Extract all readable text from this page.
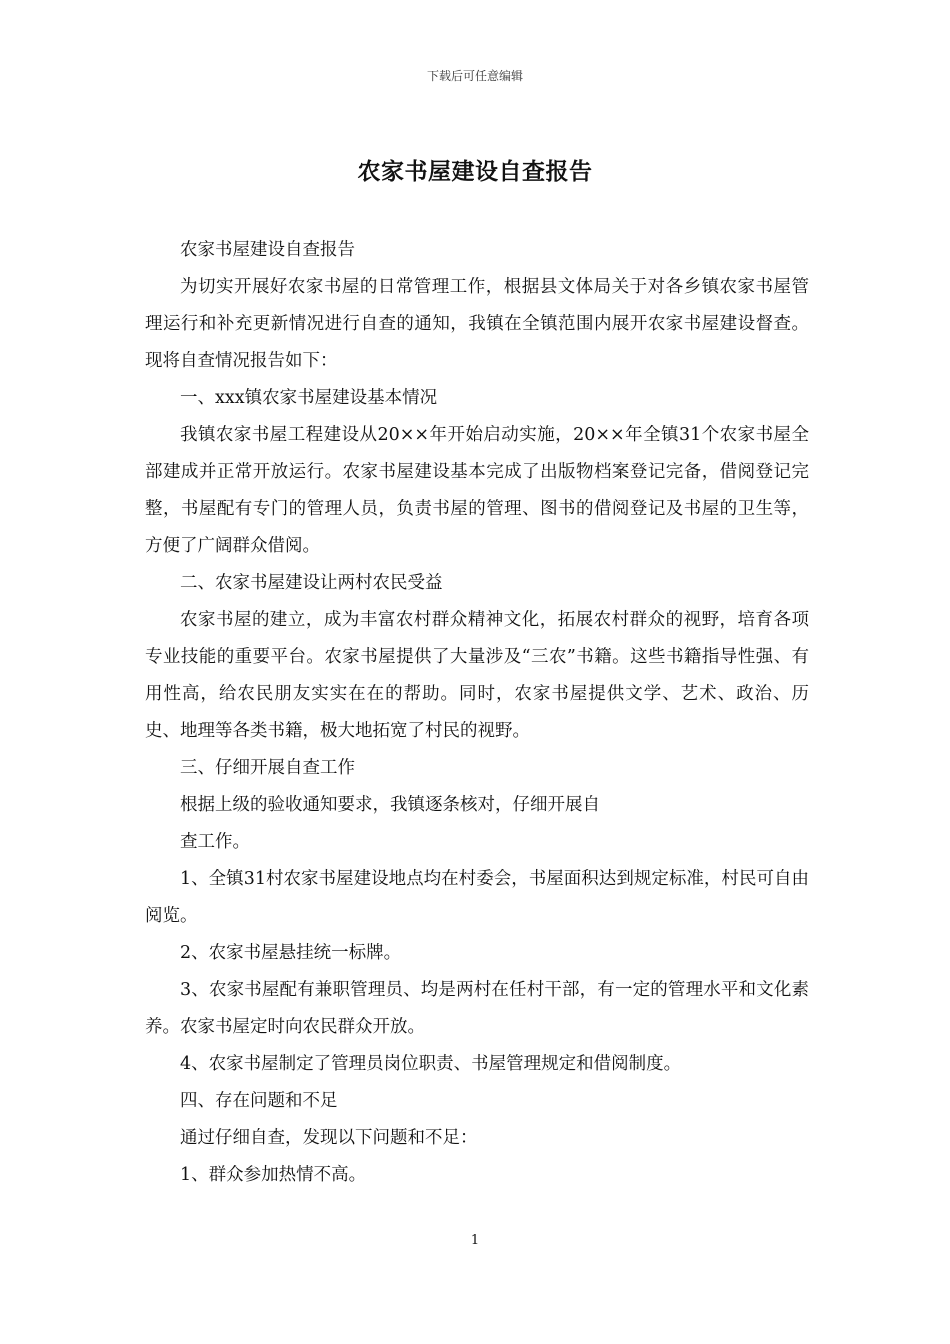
下载后可任意编辑
农家书屋建设自查报告

农家书屋建设自查报告

为切实开展好农家书屋的日常管理工作，根据县文体局关于对各乡镇农家书屋管理运行和补充更新情况进行自查的通知，我镇在全镇范围内展开农家书屋建设督查。现将自查情况报告如下：

一、xxx镇农家书屋建设基本情况

我镇农家书屋工程建设从20××年开始启动实施，20××年全镇31个农家书屋全部建成并正常开放运行。农家书屋建设基本完成了出版物档案登记完备，借阅登记完整，书屋配有专门的管理人员，负责书屋的管理、图书的借阅登记及书屋的卫生等，方便了广阔群众借阅。

二、农家书屋建设让两村农民受益

农家书屋的建立，成为丰富农村群众精神文化，拓展农村群众的视野，培育各项专业技能的重要平台。农家书屋提供了大量涉及“三农”书籍。这些书籍指导性强、有用性高，给农民朋友实实在在的帮助。同时，农家书屋提供文学、艺术、政治、历史、地理等各类书籍，极大地拓宽了村民的视野。

三、仔细开展自查工作

根据上级的验收通知要求，我镇逐条核对，仔细开展自

查工作。

1、全镇31村农家书屋建设地点均在村委会，书屋面积达到规定标准，村民可自由阅览。

2、农家书屋悬挂统一标牌。

3、农家书屋配有兼职管理员、均是两村在任村干部，有一定的管理水平和文化素养。农家书屋定时向农民群众开放。

4、农家书屋制定了管理员岗位职责、书屋管理规定和借阅制度。

四、存在问题和不足

通过仔细自查，发现以下问题和不足：

1、群众参加热情不高。

1
